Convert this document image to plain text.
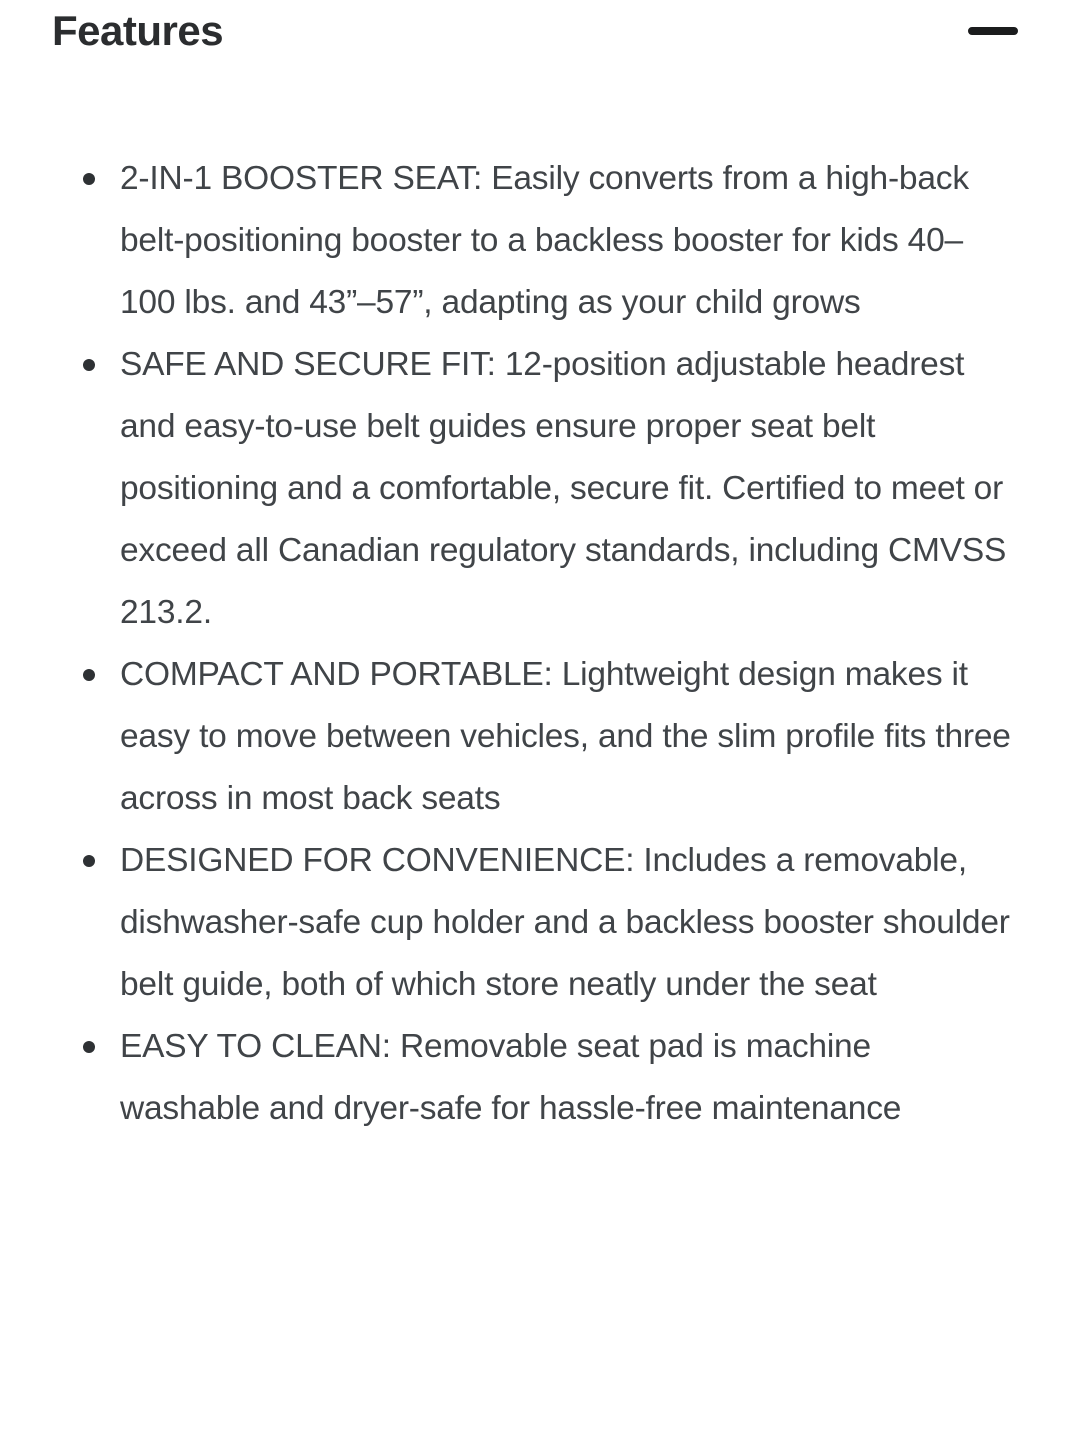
Features
2-IN-1 BOOSTER SEAT: Easily converts from a high-back belt-positioning booster to a backless booster for kids 40–100 lbs. and 43”–57”, adapting as your child grows
SAFE AND SECURE FIT: 12-position adjustable headrest and easy-to-use belt guides ensure proper seat belt positioning and a comfortable, secure fit. Certified to meet or exceed all Canadian regulatory standards, including CMVSS 213.2.
COMPACT AND PORTABLE: Lightweight design makes it easy to move between vehicles, and the slim profile fits three across in most back seats
DESIGNED FOR CONVENIENCE: Includes a removable, dishwasher-safe cup holder and a backless booster shoulder belt guide, both of which store neatly under the seat
EASY TO CLEAN: Removable seat pad is machine washable and dryer-safe for hassle-free maintenance
